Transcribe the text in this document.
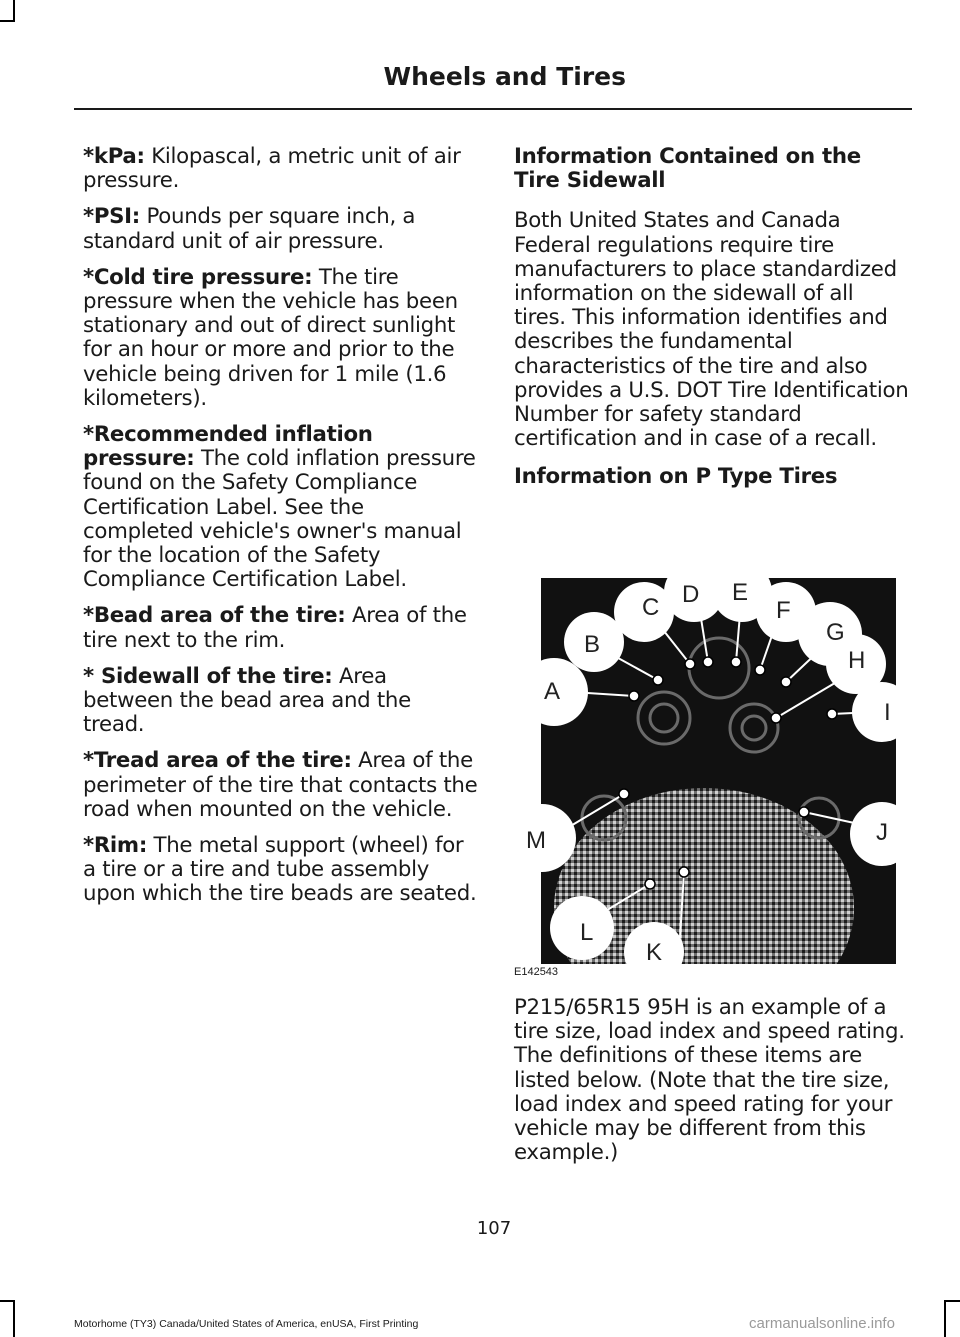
Wheels and Tires

*kPa: Kilopascal, a metric unit of air pressure.

*PSI: Pounds per square inch, a standard unit of air pressure.

*Cold tire pressure: The tire pressure when the vehicle has been stationary and out of direct sunlight for an hour or more and prior to the vehicle being driven for 1 mile (1.6 kilometers).

*Recommended inflation pressure: The cold inflation pressure found on the Safety Compliance Certification Label. See the completed vehicle's owner's manual for the location of the Safety Compliance Certification Label.

*Bead area of the tire: Area of the tire next to the rim.

* Sidewall of the tire: Area between the bead area and the tread.

*Tread area of the tire: Area of the perimeter of the tire that contacts the road when mounted on the vehicle.

*Rim: The metal support (wheel) for a tire or a tire and tube assembly upon which the tire beads are seated.

Information Contained on the Tire Sidewall

Both United States and Canada Federal regulations require tire manufacturers to place standardized information on the sidewall of all tires. This information identifies and describes the fundamental characteristics of the tire and also provides a U.S. DOT Tire Identification Number for safety standard certification and in case of a recall.

Information on P Type Tires
A
B
C D E
F
G
H
I
J
K
L
M
E142543

P215/65R15 95H is an example of a tire size, load index and speed rating. The definitions of these items are listed below. (Note that the tire size, load index and speed rating for your vehicle may be different from this example.)

107
Motorhome (TY3) Canada/United States of America, enUSA, First Printing	carmanualsonline.info
